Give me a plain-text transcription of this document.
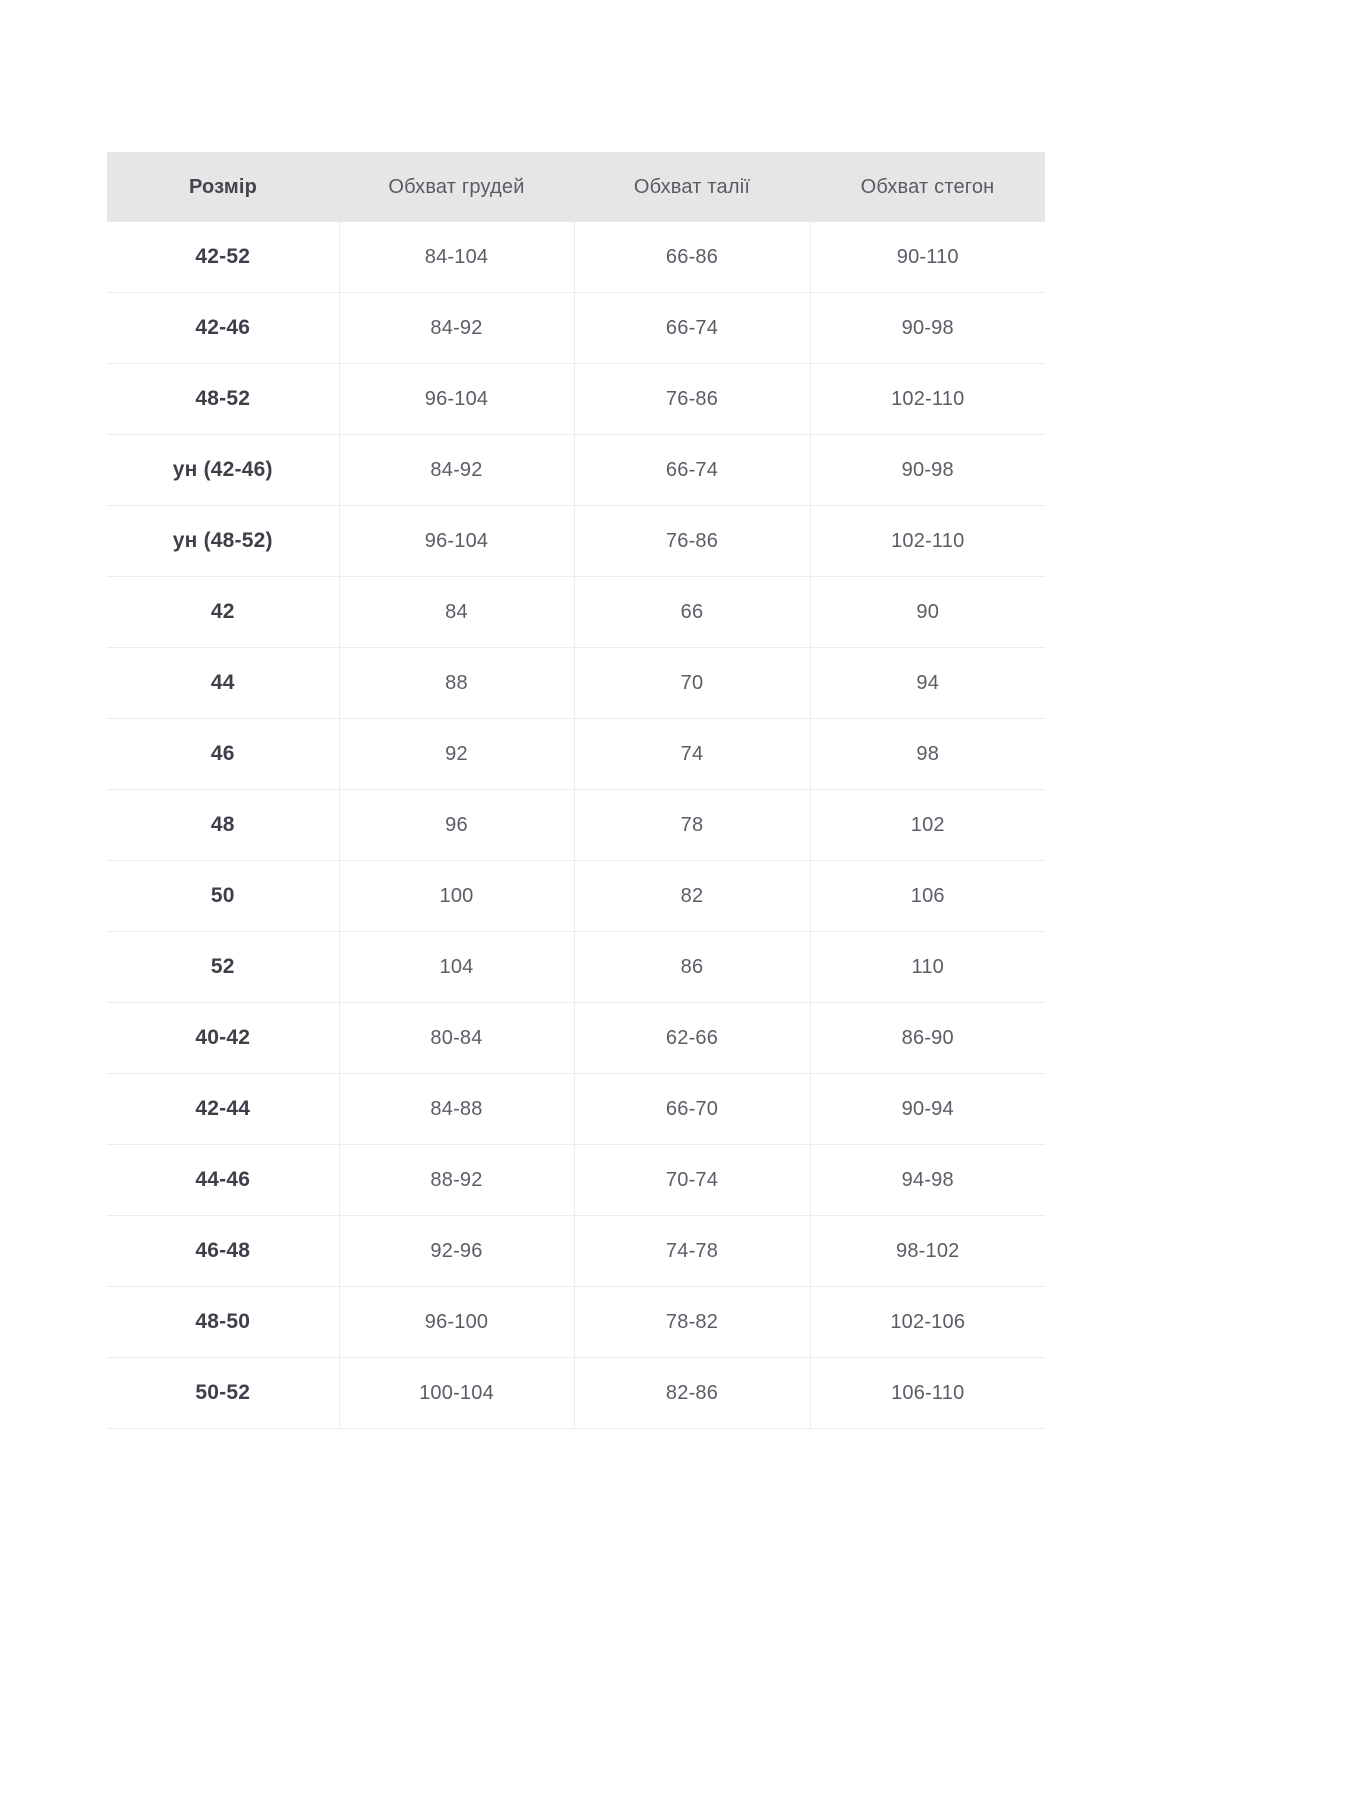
Розмір	Обхват грудей	Обхват талії	Обхват стегон
42-52	84-104	66-86	90-110
42-46	84-92	66-74	90-98
48-52	96-104	76-86	102-110
ун (42-46)	84-92	66-74	90-98
ун (48-52)	96-104	76-86	102-110
42	84	66	90
44	88	70	94
46	92	74	98
48	96	78	102
50	100	82	106
52	104	86	110
40-42	80-84	62-66	86-90
42-44	84-88	66-70	90-94
44-46	88-92	70-74	94-98
46-48	92-96	74-78	98-102
48-50	96-100	78-82	102-106
50-52	100-104	82-86	106-110
